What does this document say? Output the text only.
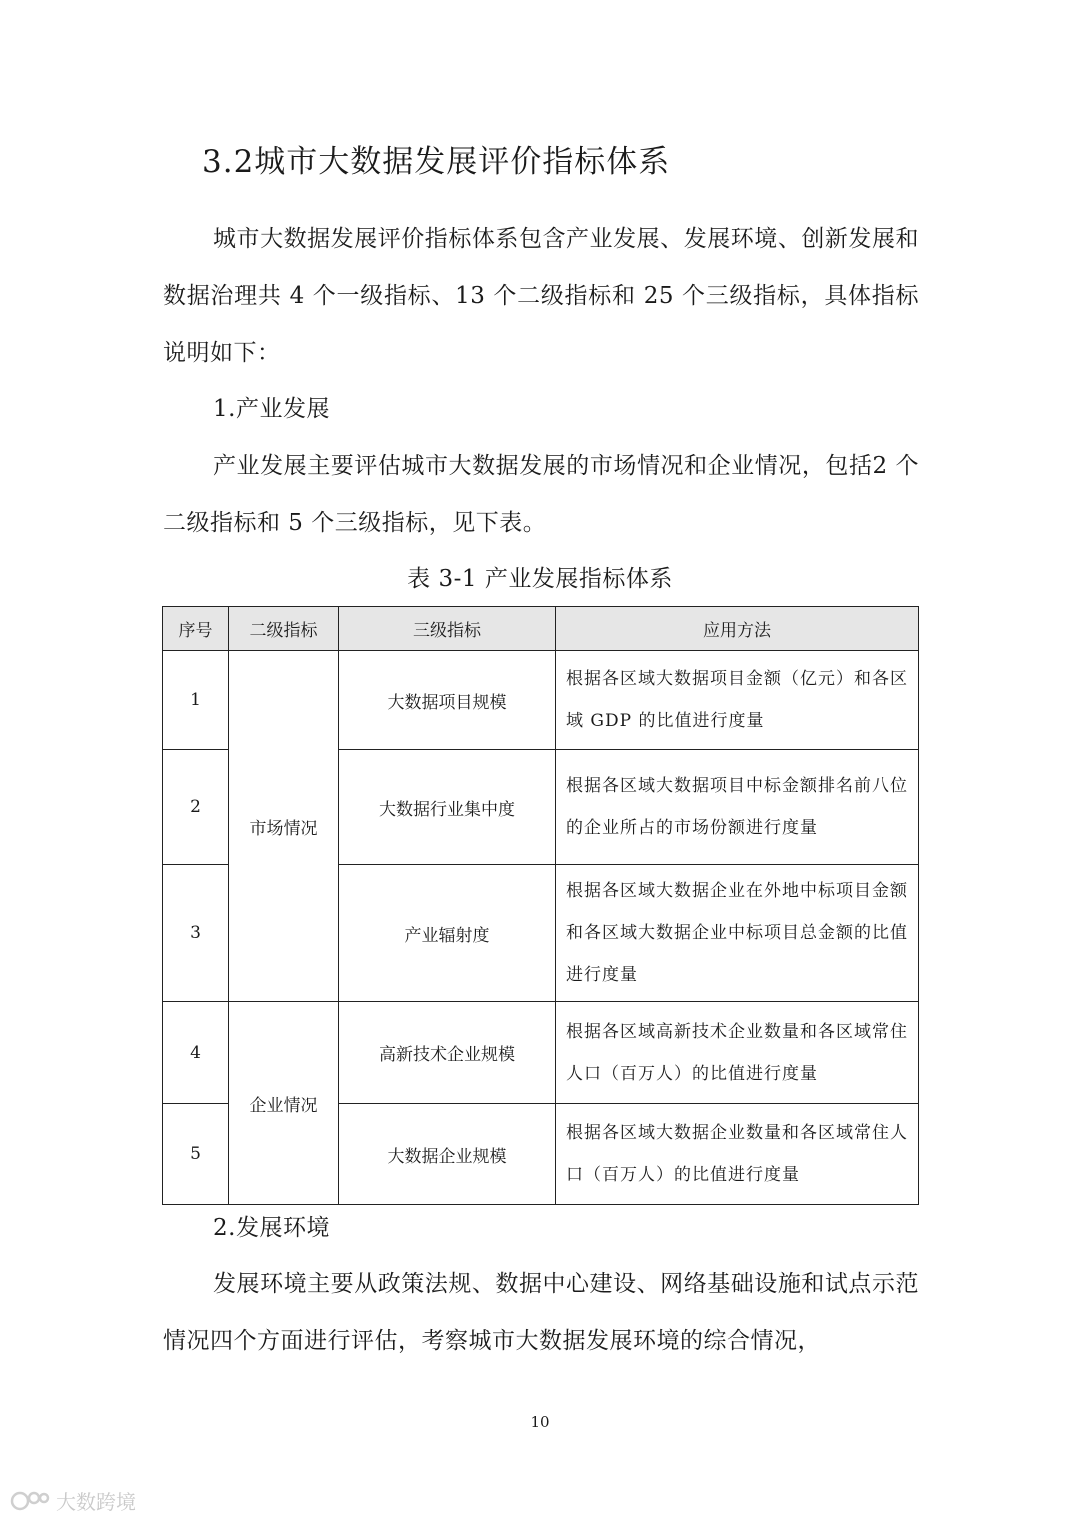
3.2城市大数据发展评价指标体系

城市大数据发展评价指标体系包含产业发展、发展环境、创新发展和数据治理共 4 个一级指标、13 个二级指标和 25 个三级指标，具体指标说明如下：

1.产业发展

产业发展主要评估城市大数据发展的市场情况和企业情况，包括2 个二级指标和 5 个三级指标，见下表。

表 3-1 产业发展指标体系
序号	二级指标	三级指标	应用方法
1	市场情况	大数据项目规模	根据各区域大数据项目金额（亿元）和各区域 GDP 的比值进行度量
2		大数据行业集中度	根据各区域大数据项目中标金额排名前八位的企业所占的市场份额进行度量
3		产业辐射度	根据各区域大数据企业在外地中标项目金额和各区域大数据企业中标项目总金额的比值进行度量
4	企业情况	高新技术企业规模	根据各区域高新技术企业数量和各区域常住人口（百万人）的比值进行度量
5		大数据企业规模	根据各区域大数据企业数量和各区域常住人口（百万人）的比值进行度量

2.发展环境

发展环境主要从政策法规、数据中心建设、网络基础设施和试点示范情况四个方面进行评估，考察城市大数据发展环境的综合情况，

10
大数跨境
